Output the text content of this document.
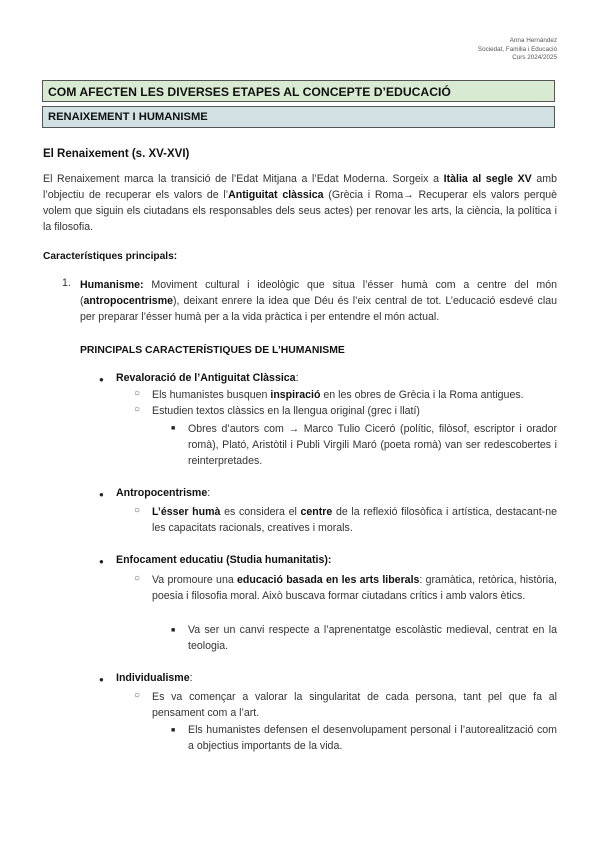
Anna Hernández
Sociedat, Familia i Educació
Curs 2024/2025
COM AFECTEN LES DIVERSES ETAPES AL CONCEPTE D’EDUCACIÓ
RENAIXEMENT I HUMANISME
El Renaixement (s. XV-XVI)
El Renaixement marca la transició de l’Edat Mitjana a l’Edat Moderna. Sorgeix a Itàlia al segle XV amb l’objectiu de recuperar els valors de l’Antiguitat clàssica (Grècia i Roma→ Recuperar els valors perquè volem que siguin els ciutadans els responsables dels seus actes) per renovar les arts, la ciència, la política i la filosofia.
Característiques principals:
1. Humanisme: Moviment cultural i ideològic que situa l’ésser humà com a centre del món (antropocentrisme), deixant enrere la idea que Déu és l’eix central de tot. L’educació esdevé clau per preparar l’ésser humà per a la vida pràctica i per entendre el món actual.
PRINCIPALS CARACTERÍSTIQUES DE L’HUMANISME
● Revaloració de l’Antiguitat Clàssica:
○ Els humanistes busquen inspiració en les obres de Grècia i la Roma antigues.
○ Estudien textos clàssics en la llengua original (grec i llatí)
■ Obres d’autors com → Marco Tulio Ciceró (polític, filòsof, escriptor i orador romà), Plató, Aristòtil i Publi Virgili Maró (poeta romà) van ser redescobertes i reinterpretades.
● Antropocentrisme:
○ L’ésser humà es considera el centre de la reflexió filosòfica i artística, destacant-ne les capacitats racionals, creatives i morals.
● Enfocament educatiu (Studia humanitatis):
○ Va promoure una educació basada en les arts liberals: gramàtica, retòrica, història, poesia i filosofia moral. Això buscava formar ciutadans crítics i amb valors ètics.
■ Va ser un canvi respecte a l’aprenentatge escolàstic medieval, centrat en la teologia.
● Individualisme:
○ Es va començar a valorar la singularitat de cada persona, tant pel que fa al pensament com a l’art.
■ Els humanistes defensen el desenvolupament personal i l’autorealització com a objectius importants de la vida.
